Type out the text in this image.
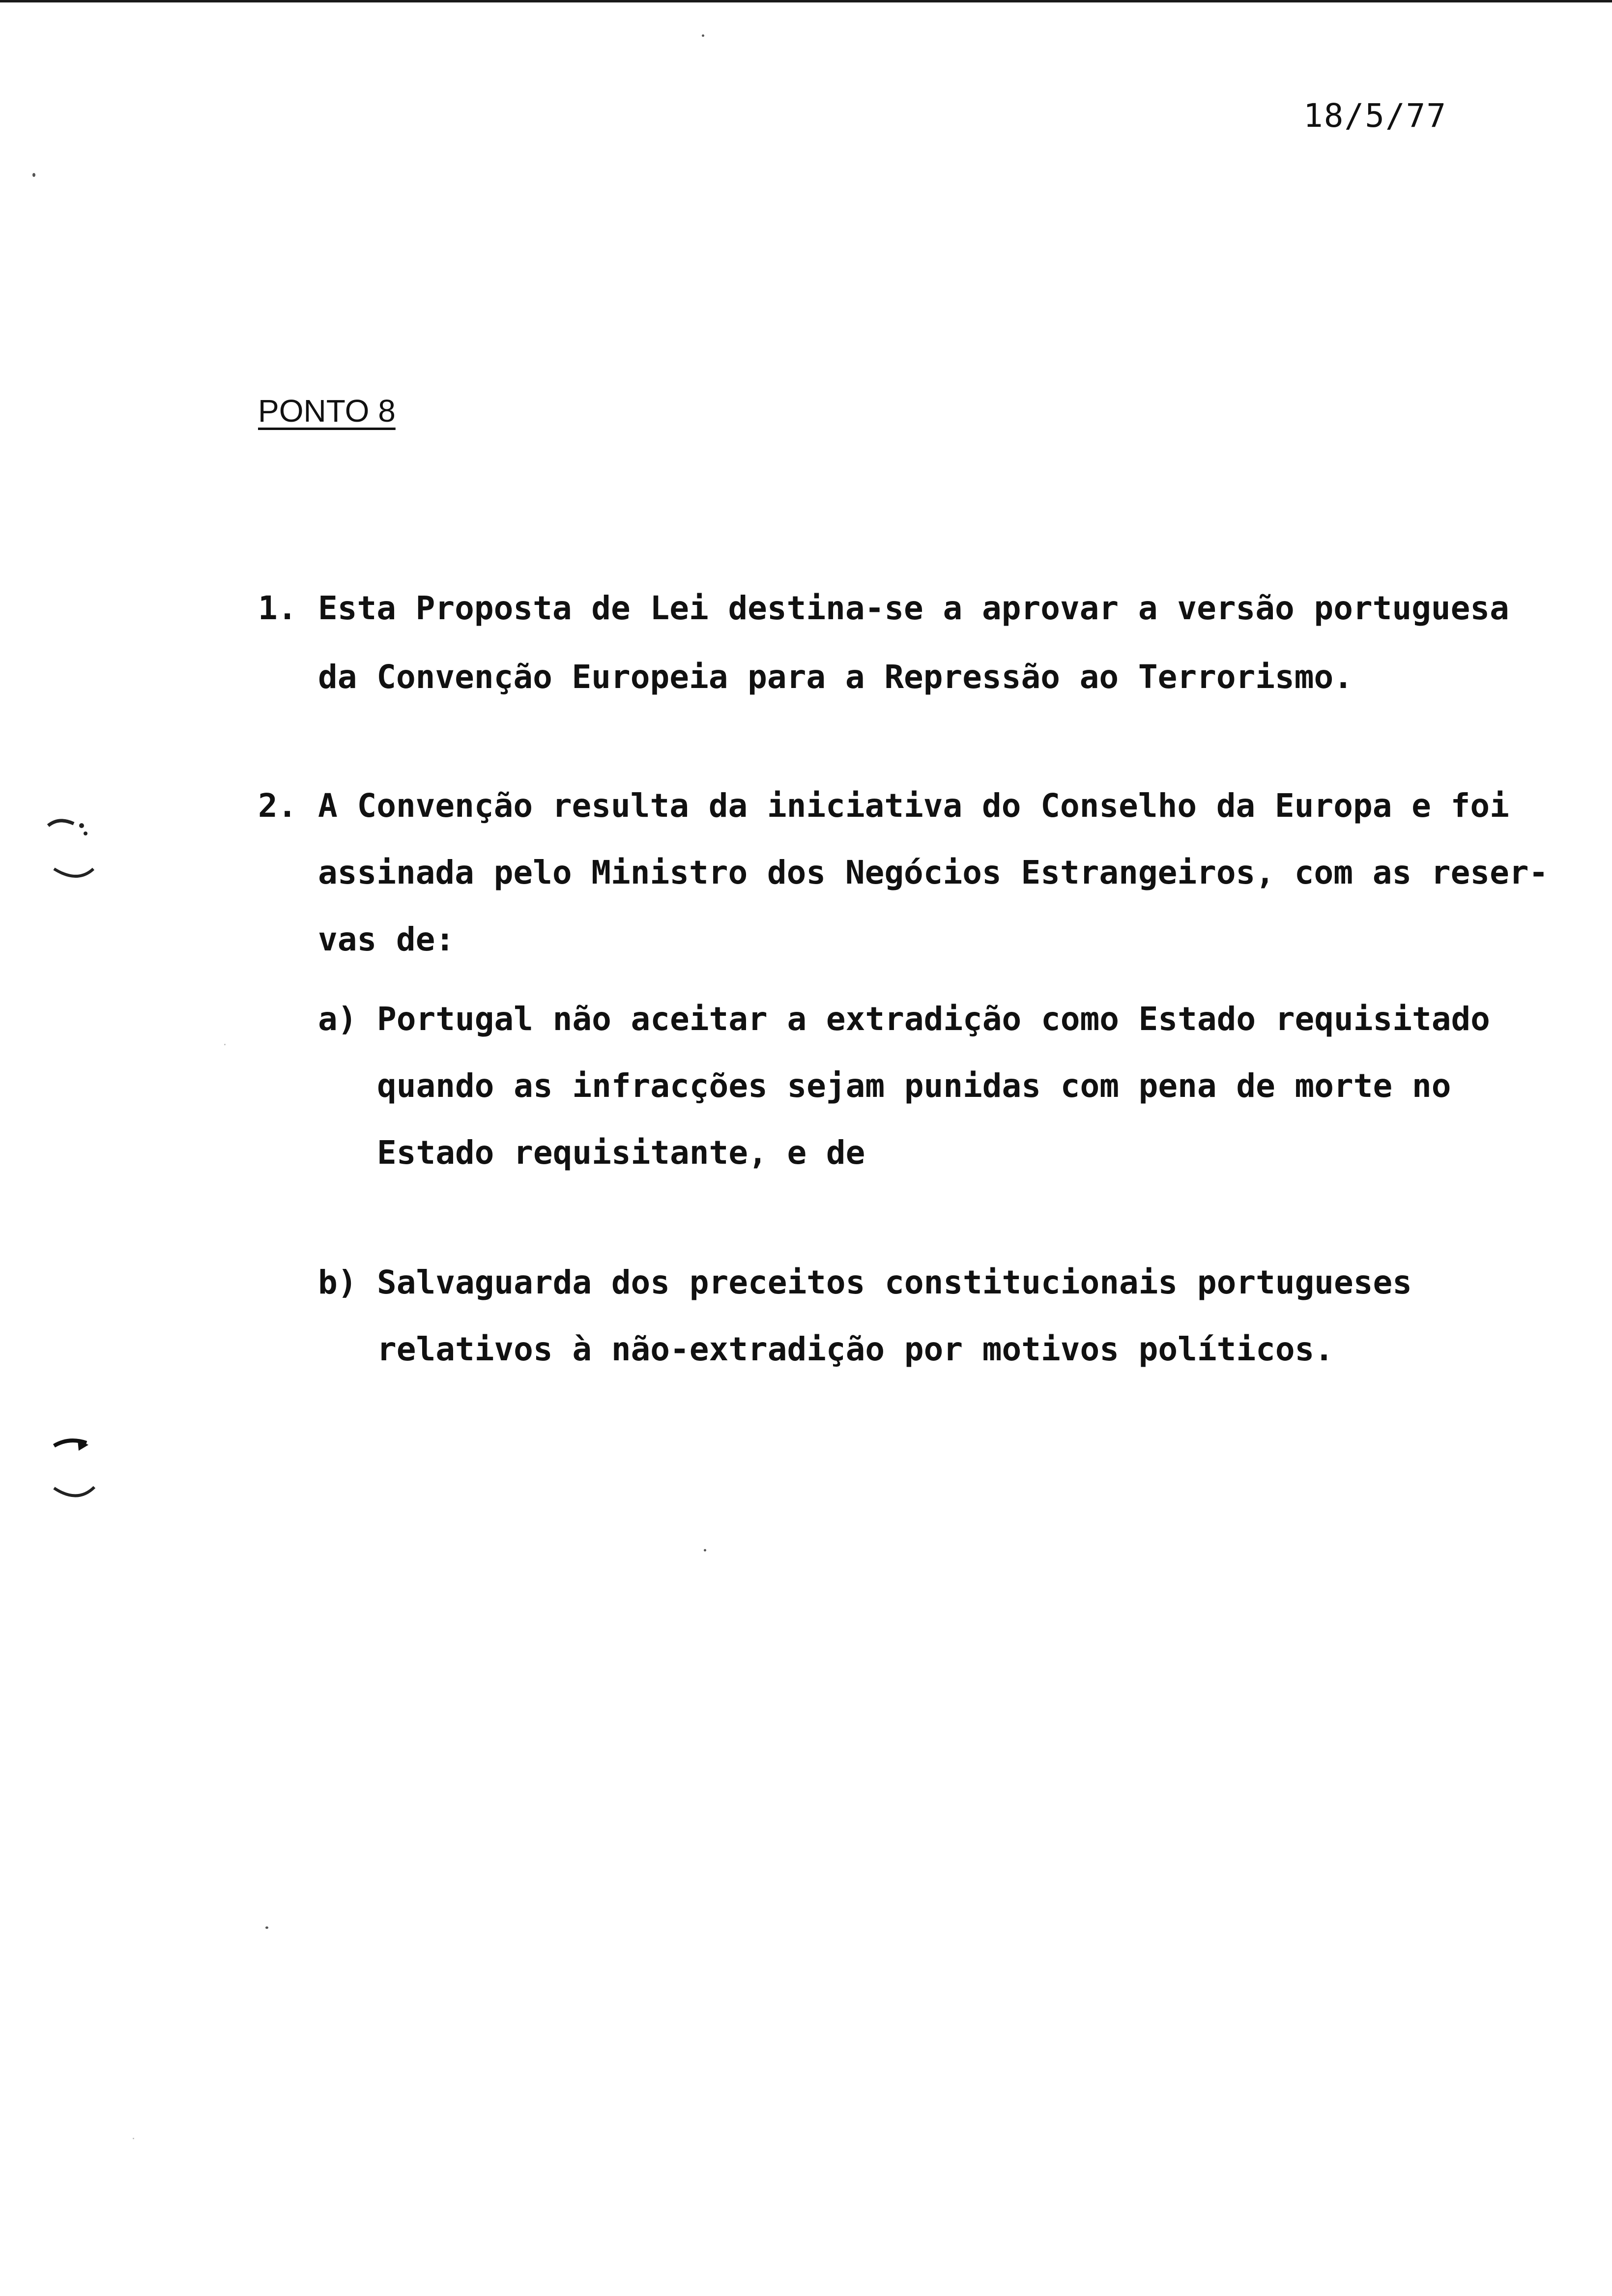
18/5/77
PONTO 8
1. Esta Proposta de Lei destina-se a aprovar a versão portuguesa
da Convenção Europeia para a Repressão ao Terrorismo.
2. A Convenção resulta da iniciativa do Conselho da Europa e foi
assinada pelo Ministro dos Negócios Estrangeiros, com as reser-
vas de:
a) Portugal não aceitar a extradição como Estado requisitado
quando as infracções sejam punidas com pena de morte no
Estado requisitante, e de
b) Salvaguarda dos preceitos constitucionais portugueses
relativos à não-extradição por motivos políticos.
